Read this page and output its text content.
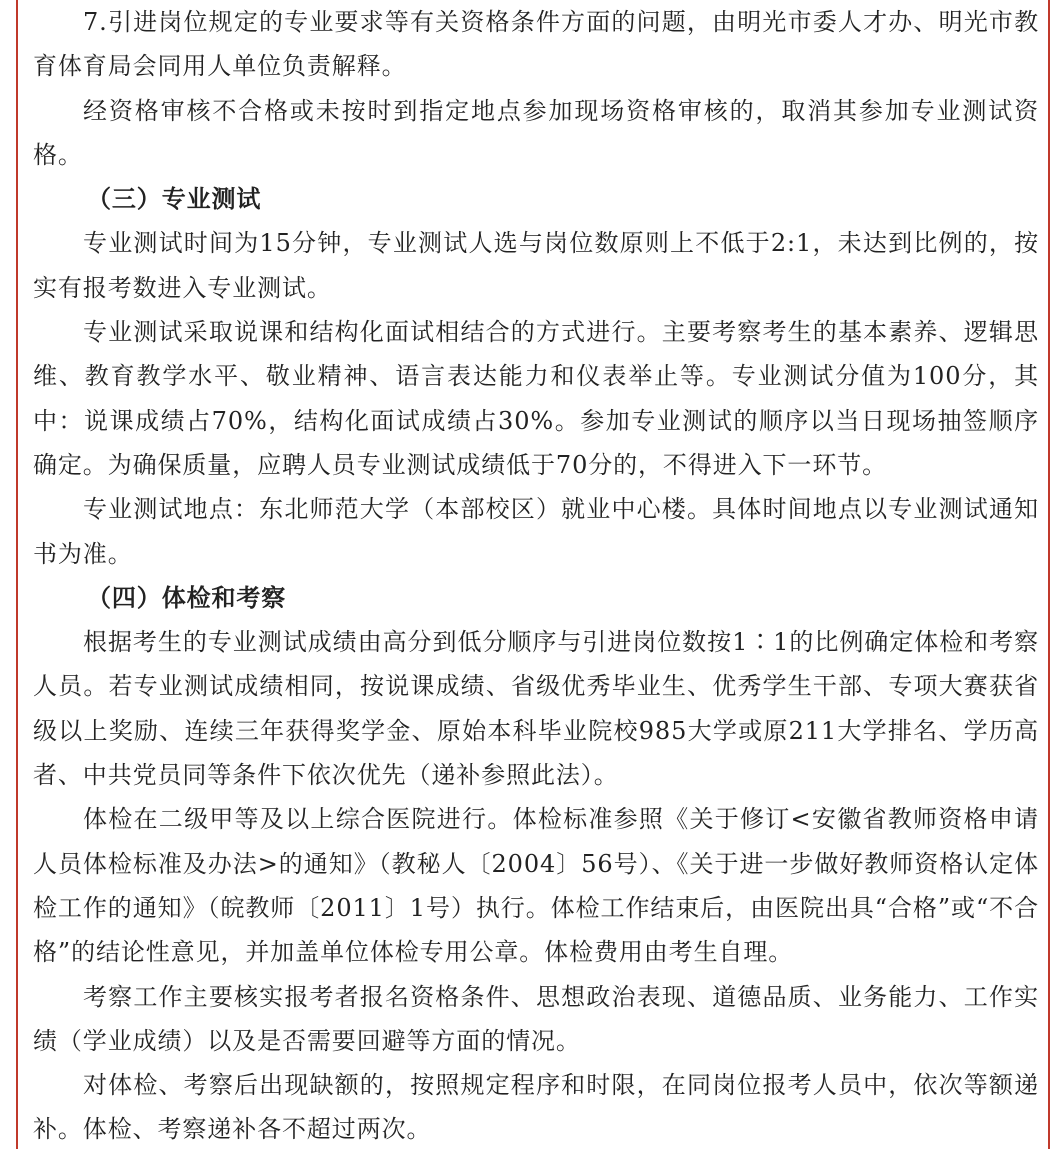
7.引进岗位规定的专业要求等有关资格条件方面的问题，由明光市委人才办、明光市教育体育局会同用人单位负责解释。

经资格审核不合格或未按时到指定地点参加现场资格审核的，取消其参加专业测试资格。

（三）专业测试

专业测试时间为15分钟，专业测试人选与岗位数原则上不低于2:1，未达到比例的，按实有报考数进入专业测试。

专业测试采取说课和结构化面试相结合的方式进行。主要考察考生的基本素养、逻辑思维、教育教学水平、敬业精神、语言表达能力和仪表举止等。专业测试分值为100分，其中：说课成绩占70%，结构化面试成绩占30%。参加专业测试的顺序以当日现场抽签顺序确定。为确保质量，应聘人员专业测试成绩低于70分的，不得进入下一环节。

专业测试地点：东北师范大学（本部校区）就业中心楼。具体时间地点以专业测试通知书为准。

（四）体检和考察

根据考生的专业测试成绩由高分到低分顺序与引进岗位数按1∶1的比例确定体检和考察人员。若专业测试成绩相同，按说课成绩、省级优秀毕业生、优秀学生干部、专项大赛获省级以上奖励、连续三年获得奖学金、原始本科毕业院校985大学或原211大学排名、学历高者、中共党员同等条件下依次优先（递补参照此法）。

体检在二级甲等及以上综合医院进行。体检标准参照《关于修订<安徽省教师资格申请人员体检标准及办法>的通知》（教秘人〔2004〕56号）、《关于进一步做好教师资格认定体检工作的通知》（皖教师〔2011〕1号）执行。体检工作结束后，由医院出具“合格”或“不合格”的结论性意见，并加盖单位体检专用公章。体检费用由考生自理。

考察工作主要核实报考者报名资格条件、思想政治表现、道德品质、业务能力、工作实绩（学业成绩）以及是否需要回避等方面的情况。

对体检、考察后出现缺额的，按照规定程序和时限，在同岗位报考人员中，依次等额递补。体检、考察递补各不超过两次。
